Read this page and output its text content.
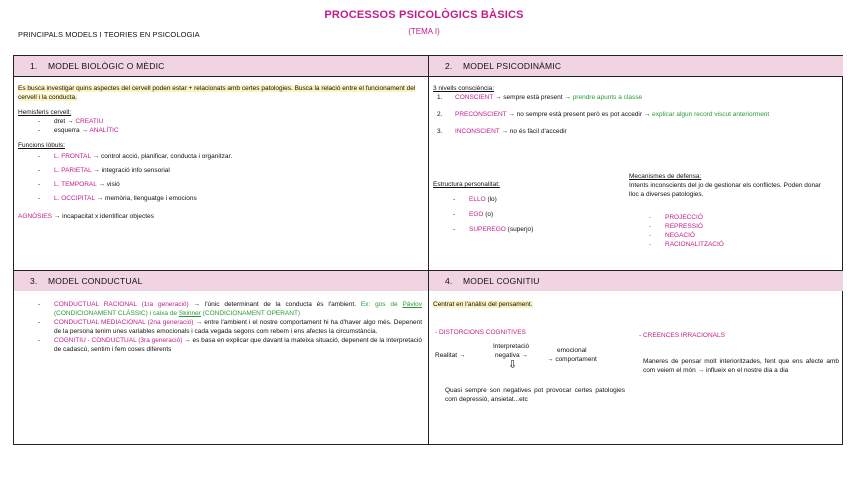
PROCESSOS PSICOLÒGICS BÀSICS
(TEMA I)
PRINCIPALS MODELS I TEORIES EN PSICOLOGIA
1.	MODEL BIOLÒGIC O MÈDIC	2.	MODEL PSICODINÀMIC
3.	MODEL CONDUCTUAL	4.	MODEL COGNITIU
Es busca investigar quins aspectes del cervell poden estar + relacionats amb certes patologies. Busca la relació entre el funcionament del cervell i la conducta.
Hemisferis cervell:
- dret → CREATIU
- esquerra → ANALÍTIC
Funcions lòbuls:
- L. FRONTAL → control acció, planificar, conducta i organitzar.
- L. PARIETAL → integració info sensorial
- L. TEMPORAL → visió
- L. OCCIPITAL → memòria, llenguatge i emocions
AGNÒSIES → incapacitat x identificar objectes
3 nivells consciència:
1.	CONSCIENT → sempre està present → prendre apunts a classe
2.	PRECONSCIENT → no sempre està present però es pot accedir → explicar algun record viscut anteriorment
3.	INCONSCIENT → no és fàcil d'accedir
Estructura personalitat:
- ELLO (lo)
- EGO (o)
- SUPEREGO (superjo)
Mecanismes de defensa:
Intents inconscients del jo de gestionar els conflictes. Poden donar lloc a diverses patologies.
- PROJECCIÓ
- REPRESSIÓ
- NEGACIÓ
- RACIONALITZACIÓ
- CONDUCTUAL RACIONAL (1ra generació) → l'únic determinant de la conducta és l'ambient. Ex: gos de Pàvlov (CONDICIONAMENT CLÀSSIC) i caixa de Skinner (CONDICIONAMENT OPERANT)
- CONDUCTUAL MEDIACIONAL (2na generació) → entre l'ambient i el nostre comportament hi ha d'haver algo més. Depenent de la persona tenim unes variables emocionals i cada vegada segons com rebem i ens afectes la circumstància.
- COGNITIU - CONDUCTUAL (3ra generació) → es basa en explicar que davant la mateixa situació, depenent de la interpretació de cadascú, sentim i fem coses diferents
Centrat en l'anàlisi del pensament.
- DISTORCIONS COGNITIVES	- CREENCES IRRACIONALS
Realitat →
Interpretació
negativa →
emocional
→ comportament
⇩
Quasi sempre son negatives pot provocar certes patologies com depressió, ansietat...etc
Maneres de pensar molt interioritzades, fent que ens afecte amb com veiem el món → influeix en el nostre dia a dia
